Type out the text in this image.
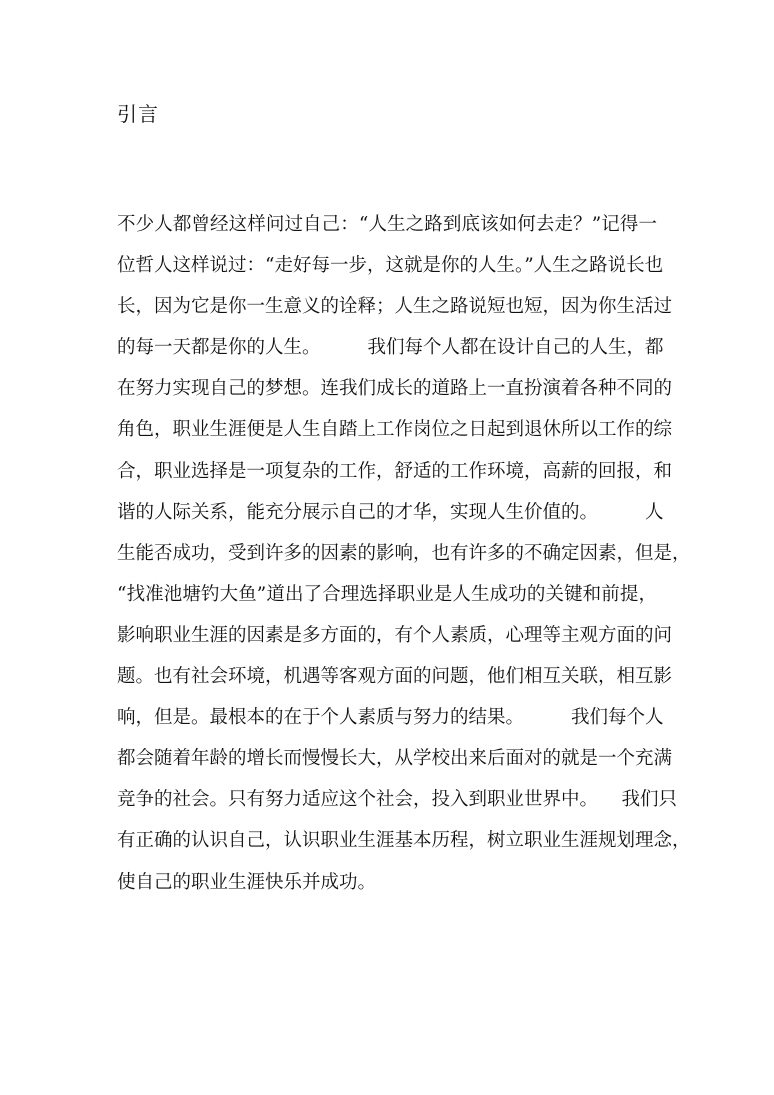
引言
不少人都曾经这样问过自己：“人生之路到底该如何去走？”记得一
位哲人这样说过：“走好每一步，这就是你的人生。”人生之路说长也
长，因为它是你一生意义的诠释；人生之路说短也短，因为你生活过
的每一天都是你的人生。        我们每个人都在设计自己的人生，都
在努力实现自己的梦想。连我们成长的道路上一直扮演着各种不同的
角色，职业生涯便是人生自踏上工作岗位之日起到退休所以工作的综
合，职业选择是一项复杂的工作，舒适的工作环境，高薪的回报，和
谐的人际关系，能充分展示自己的才华，实现人生价值的。        人
生能否成功，受到许多的因素的影响，也有许多的不确定因素，但是，
“找准池塘钓大鱼”道出了合理选择职业是人生成功的关键和前提，
影响职业生涯的因素是多方面的，有个人素质，心理等主观方面的问
题。也有社会环境，机遇等客观方面的问题，他们相互关联，相互影
响，但是。最根本的在于个人素质与努力的结果。        我们每个人
都会随着年龄的增长而慢慢长大，从学校出来后面对的就是一个充满
竞争的社会。只有努力适应这个社会，投入到职业世界中。    我们只
有正确的认识自己，认识职业生涯基本历程，树立职业生涯规划理念，
使自己的职业生涯快乐并成功。
